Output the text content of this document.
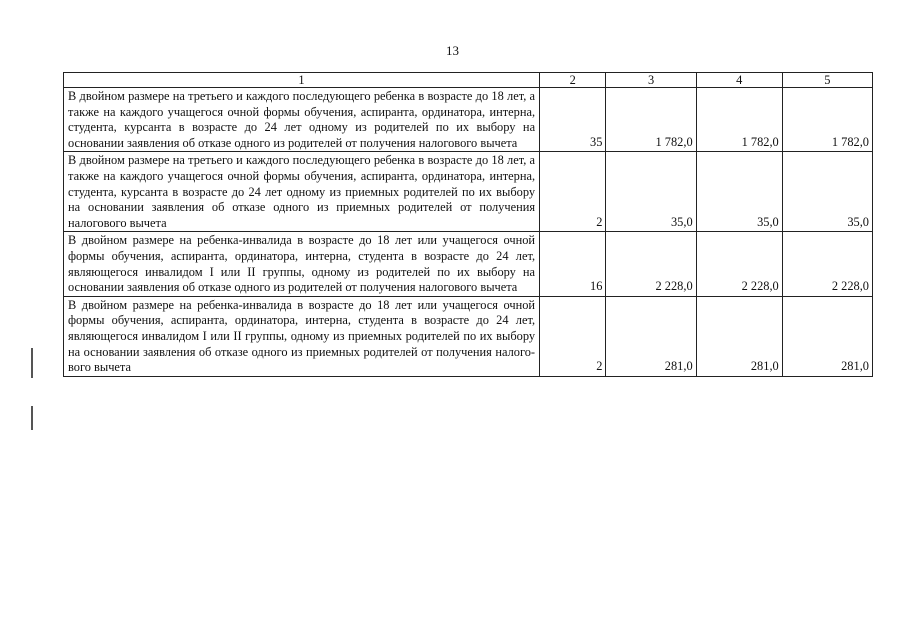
13
1	2	3	4	5
В двойном размере на третьего и каждого последующего ребенка в возрасте до 18 лет, а также на каждого учащегося очной формы обучения, аспиранта, ординатора, интерна, студента, курсанта в возрасте до 24 лет одному из родителей по их выбору на основании заявления об отказе одного из родителей от получения налогового вычета	35	1 782,0	1 782,0	1 782,0
В двойном размере на третьего и каждого последующего ребенка в возрасте до 18 лет, а также на каждого учащегося очной формы обучения, аспиранта, ординатора, интерна, студента, курсанта в возрасте до 24 лет одному из приемных родителей по их выбору на основании заявления об отказе одного из приемных родителей от получения налогового вычета	2	35,0	35,0	35,0
В двойном размере на ребенка-инвалида в возрасте до 18 лет или учащегося очной формы обучения, аспиранта, ординатора, интерна, студента в возрасте до 24 лет, являющегося инвалидом I или II группы, одному из родителей по их выбору на основании заявления об отказе одного из родителей от получения налогового вычета	16	2 228,0	2 228,0	2 228,0
В двойном размере на ребенка-инвалида в возрасте до 18 лет или учащегося очной формы обучения, аспиранта, ординатора, интерна, студента в возрасте до 24 лет, являющегося инвалидом I или II группы, одному из приемных родителей по их выбору на основании заявления об отказе одного из приемных родителей от получения налогового вычета	2	281,0	281,0	281,0
